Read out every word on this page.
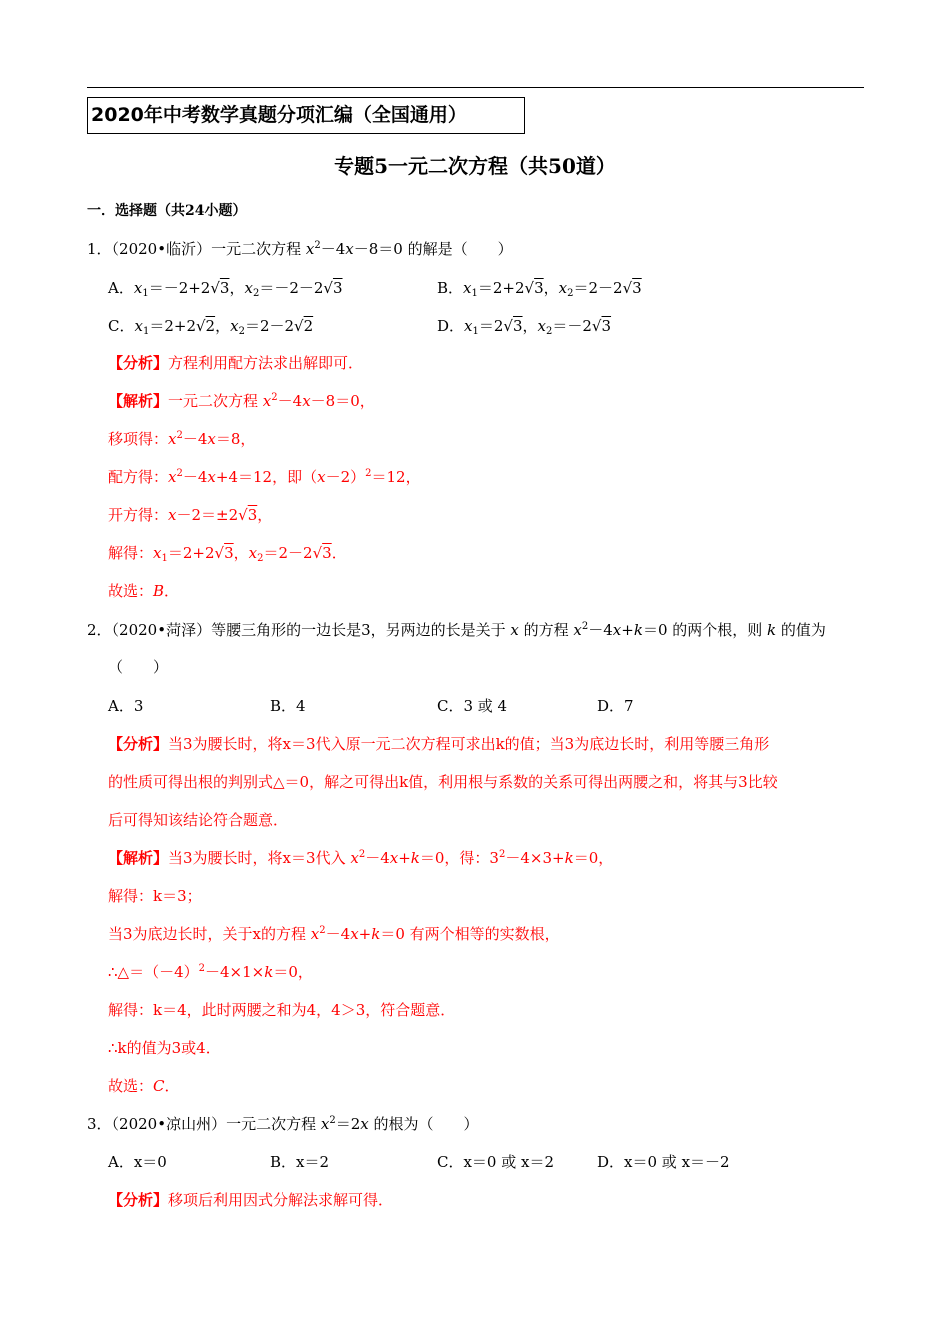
2020年中考数学真题分项汇编（全国通用）
专题5一元二次方程（共50道）
一．选择题（共24小题）
1．（2020•临沂）一元二次方程 $x^2-4x-8=0$ 的解是（　　）
A．$x_1=-2+2√3$，$x_2=-2-2√3$	B．$x_1=2+2√3$，$x_2=2-2√3$
C．$x_1=2+2√2$，$x_2=2-2√2$	D．$x_1=2√3$，$x_2=-2√3$
【分析】方程利用配方法求出解即可．
【解析】一元二次方程 $x^2-4x-8=0$，
移项得：$x^2-4x=8$，
配方得：$x^2-4x+4=12$，即$(x-2)^2=12$，
开方得：x－2＝±2√3，
解得：$x_1=2+2√3$，$x_2=2-2√3$．
故选：B．
2．（2020•菏泽）等腰三角形的一边长是3，另两边的长是关于 x 的方程 $x^2-4x+k=0$ 的两个根，则 k 的值为
（　　）
A．3	B．4	C．3 或 4	D．7
【分析】当3为腰长时，将x＝3代入原一元二次方程可求出k的值；当3为底边长时，利用等腰三角形
的性质可得出根的判别式△＝0，解之可得出k值，利用根与系数的关系可得出两腰之和，将其与3比较
后可得知该结论符合题意．
【解析】当3为腰长时，将x＝3代入 $x^2-4x+k=0$，得：$3^2-4\times 3+k=0$，
解得：k＝3；
当3为底边长时，关于x的方程 $x^2-4x+k=0$ 有两个相等的实数根，
$\therefore\triangle=(-4)^2-4\times 1\times k=0$，
解得：k＝4，此时两腰之和为4，4＞3，符合题意．
∴k的值为3或4．
故选：C．
3．（2020•凉山州）一元二次方程 $x^2=2x$ 的根为（　　）
A．x＝0	B．x＝2	C．x＝0 或 x＝2	D．x＝0 或 x＝－2
【分析】移项后利用因式分解法求解可得．
